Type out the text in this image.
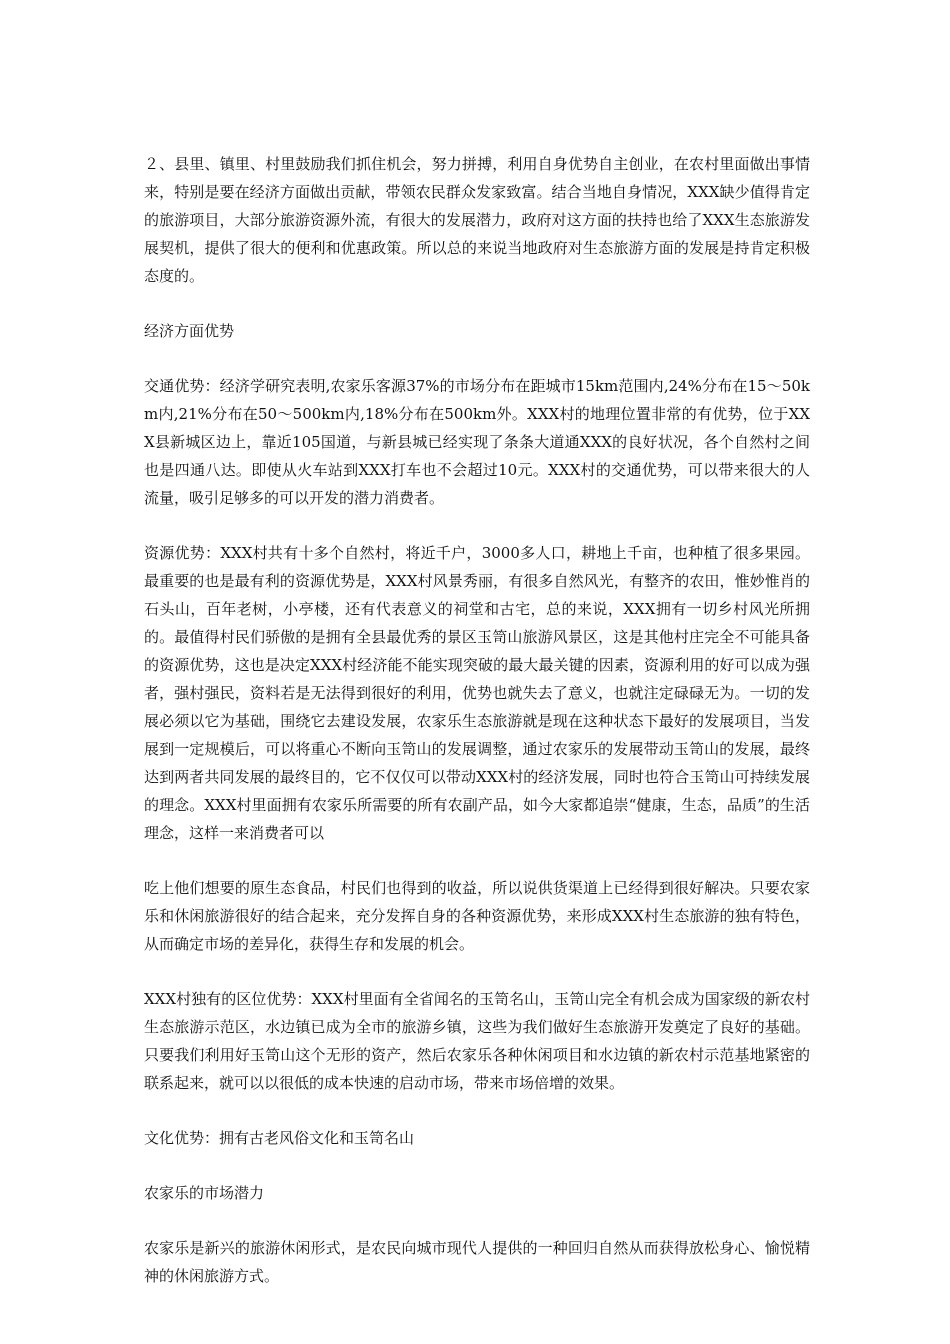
２、县里、镇里、村里鼓励我们抓住机会，努力拼搏，利用自身优势自主创业，在农村里面做出事情来，特别是要在经济方面做出贡献，带领农民群众发家致富。结合当地自身情况，XXX缺少值得肯定的旅游项目，大部分旅游资源外流，有很大的发展潜力，政府对这方面的扶持也给了XXX生态旅游发展契机，提供了很大的便利和优惠政策。所以总的来说当地政府对生态旅游方面的发展是持肯定积极态度的。

经济方面优势

交通优势：经济学研究表明,农家乐客源37%的市场分布在距城市15km范围内,24%分布在15～50km内,21%分布在50～500km内,18%分布在500km外。XXX村的地理位置非常的有优势，位于XXX县新城区边上，靠近105国道，与新县城已经实现了条条大道通XXX的良好状况，各个自然村之间也是四通八达。即使从火车站到XXX打车也不会超过10元。XXX村的交通优势，可以带来很大的人流量，吸引足够多的可以开发的潜力消费者。

资源优势：XXX村共有十多个自然村，将近千户，3000多人口，耕地上千亩，也种植了很多果园。最重要的也是最有利的资源优势是，XXX村风景秀丽，有很多自然风光，有整齐的农田，惟妙惟肖的石头山，百年老树，小亭楼，还有代表意义的祠堂和古宅，总的来说，XXX拥有一切乡村风光所拥的。最值得村民们骄傲的是拥有全县最优秀的景区玉笥山旅游风景区，这是其他村庄完全不可能具备的资源优势，这也是决定XXX村经济能不能实现突破的最大最关键的因素，资源利用的好可以成为强者，强村强民，资料若是无法得到很好的利用，优势也就失去了意义，也就注定碌碌无为。一切的发展必须以它为基础，围绕它去建设发展，农家乐生态旅游就是现在这种状态下最好的发展项目，当发展到一定规模后，可以将重心不断向玉笥山的发展调整，通过农家乐的发展带动玉笥山的发展，最终达到两者共同发展的最终目的，它不仅仅可以带动XXX村的经济发展，同时也符合玉笥山可持续发展的理念。XXX村里面拥有农家乐所需要的所有农副产品，如今大家都追崇“健康，生态，品质”的生活理念，这样一来消费者可以

吃上他们想要的原生态食品，村民们也得到的收益，所以说供货渠道上已经得到很好解决。只要农家乐和休闲旅游很好的结合起来，充分发挥自身的各种资源优势，来形成XXX村生态旅游的独有特色，从而确定市场的差异化，获得生存和发展的机会。

XXX村独有的区位优势：XXX村里面有全省闻名的玉笥名山，玉笥山完全有机会成为国家级的新农村生态旅游示范区，水边镇已成为全市的旅游乡镇，这些为我们做好生态旅游开发奠定了良好的基础。只要我们利用好玉笥山这个无形的资产，然后农家乐各种休闲项目和水边镇的新农村示范基地紧密的联系起来，就可以以很低的成本快速的启动市场，带来市场倍增的效果。

文化优势：拥有古老风俗文化和玉笥名山

农家乐的市场潜力

农家乐是新兴的旅游休闲形式，是农民向城市现代人提供的一种回归自然从而获得放松身心、愉悦精神的休闲旅游方式。
